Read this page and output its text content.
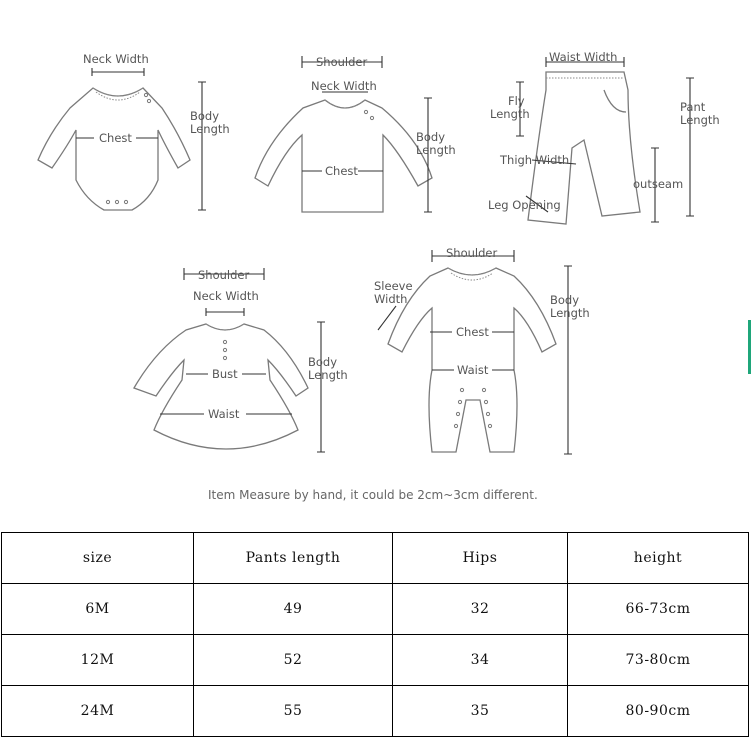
Neck Width
Body
Length
Chest
Shoulder
Neck Width
Body
Length
Chest
Waist Width
Fly
Length	Pant
Length
Thigh Width
outseam
Leg Opening
Shoulder
Neck Width
Body
Length
Bust
Waist
Shoulder
Sleeve
Width	Body
Length
Chest
Waist
Item Measure by hand, it could be 2cm~3cm different.
size	Pants length	Hips	height
6M	49	32	66-73cm
12M	52	34	73-80cm
24M	55	35	80-90cm
